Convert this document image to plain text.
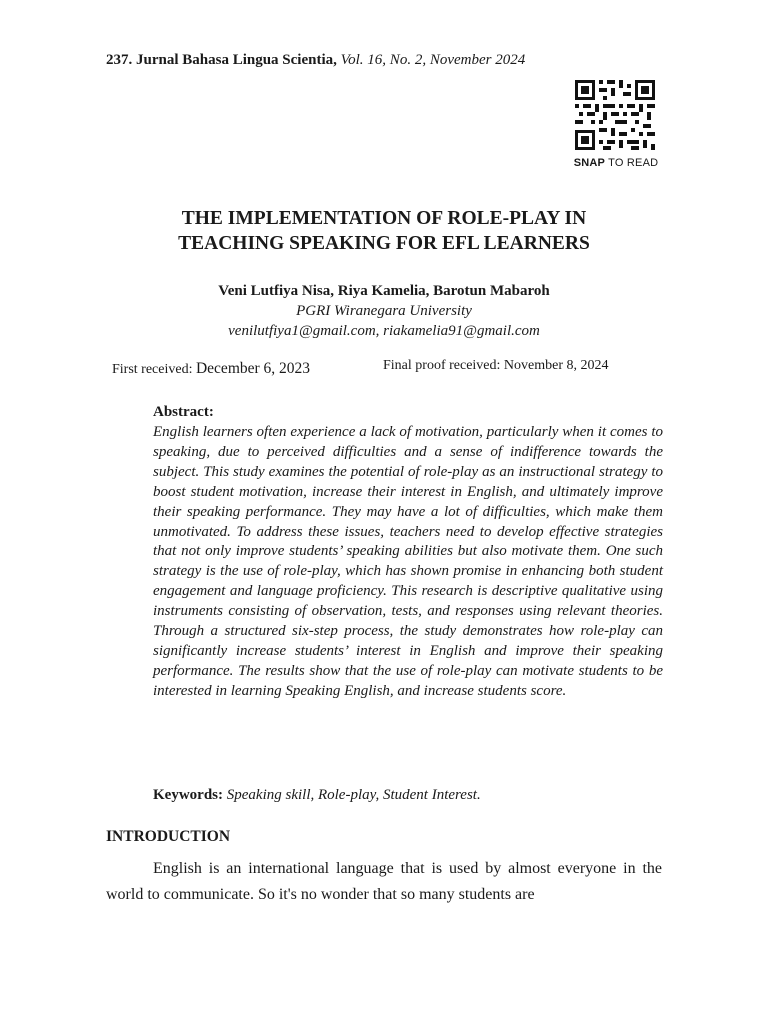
237. Jurnal Bahasa Lingua Scientia, Vol. 16, No. 2, November 2024
SNAP TO READ
THE IMPLEMENTATION OF ROLE-PLAY IN
TEACHING SPEAKING FOR EFL LEARNERS
Veni Lutfiya Nisa, Riya Kamelia, Barotun Mabaroh
PGRI Wiranegara University
venilutfiya1@gmail.com, riakamelia91@gmail.com
First received: December 6, 2023	Final proof received: November 8, 2024
Abstract:
English learners often experience a lack of motivation, particularly when it comes to speaking, due to perceived difficulties and a sense of indifference towards the subject. This study examines the potential of role-play as an instructional strategy to boost student motivation, increase their interest in English, and ultimately improve their speaking performance. They may have a lot of difficulties, which make them unmotivated. To address these issues, teachers need to develop effective strategies that not only improve students’ speaking abilities but also motivate them. One such strategy is the use of role-play, which has shown promise in enhancing both student engagement and language proficiency. This research is descriptive qualitative using instruments consisting of observation, tests, and responses using relevant theories. Through a structured six-step process, the study demonstrates how role-play can significantly increase students’ interest in English and improve their speaking performance. The results show that the use of role-play can motivate students to be interested in learning Speaking English, and increase students score.
Keywords: Speaking skill, Role-play, Student Interest.
INTRODUCTION
English is an international language that is used by almost everyone in the world to communicate. So it's no wonder that so many students are
